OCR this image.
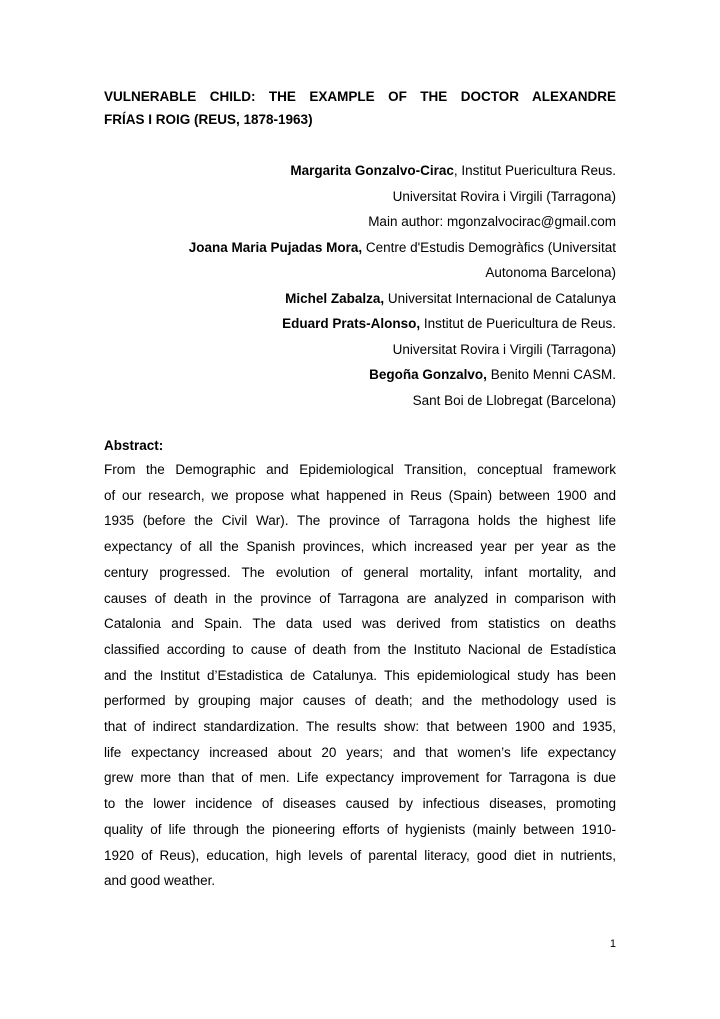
VULNERABLE CHILD: THE EXAMPLE OF THE DOCTOR ALEXANDRE
FRÍAS I ROIG (REUS, 1878-1963)
Margarita Gonzalvo-Cirac, Institut Puericultura Reus.
Universitat Rovira i Virgili (Tarragona)
Main author: mgonzalvocirac@gmail.com
Joana Maria Pujadas Mora, Centre d'Estudis Demogràfics (Universitat
Autonoma Barcelona)
Michel Zabalza, Universitat Internacional de Catalunya
Eduard Prats-Alonso, Institut de Puericultura de Reus.
Universitat Rovira i Virgili (Tarragona)
Begoña Gonzalvo, Benito Menni CASM.
Sant Boi de Llobregat (Barcelona)
Abstract:
From the Demographic and Epidemiological Transition, conceptual framework
of our research, we propose what happened in Reus (Spain) between 1900 and
1935 (before the Civil War). The province of Tarragona holds the highest life
expectancy of all the Spanish provinces, which increased year per year as the
century progressed. The evolution of general mortality, infant mortality, and
causes of death in the province of Tarragona are analyzed in comparison with
Catalonia and Spain. The data used was derived from statistics on deaths
classified according to cause of death from the Instituto Nacional de Estadística
and the Institut d’Estadistica de Catalunya. This epidemiological study has been
performed by grouping major causes of death; and the methodology used is
that of indirect standardization. The results show: that between 1900 and 1935,
life expectancy increased about 20 years; and that women’s life expectancy
grew more than that of men. Life expectancy improvement for Tarragona is due
to the lower incidence of diseases caused by infectious diseases, promoting
quality of life through the pioneering efforts of hygienists (mainly between 1910-
1920 of Reus), education, high levels of parental literacy, good diet in nutrients,
and good weather.
1
